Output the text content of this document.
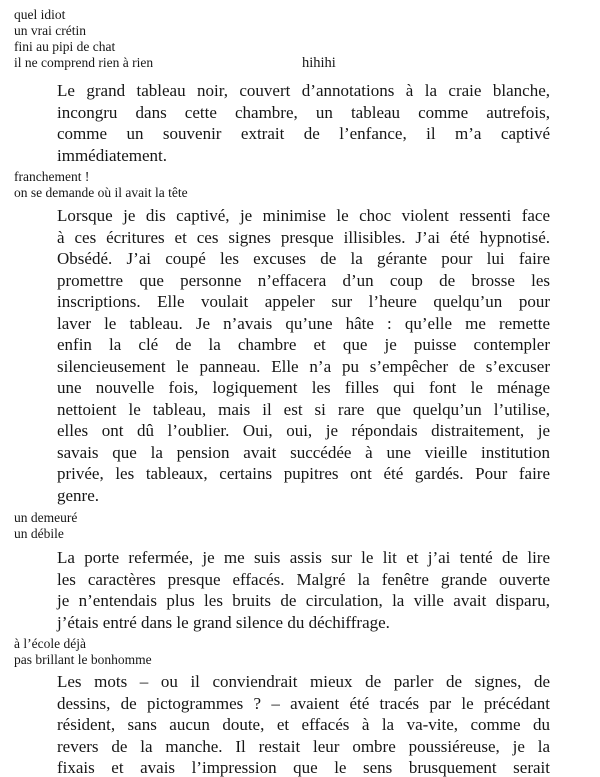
quel idiot
un vrai crétin
fini au pipi de chat
il ne comprend rien à rien	hihihi
Le grand tableau noir, couvert d’annotations à la craie blanche,
incongru dans cette chambre, un tableau comme autrefois,
comme un souvenir extrait de l’enfance, il m’a captivé
immédiatement.
franchement !
on se demande où il avait la tête
Lorsque je dis captivé, je minimise le choc violent ressenti face
à ces écritures et ces signes presque illisibles. J’ai été hypnotisé.
Obsédé. J’ai coupé les excuses de la gérante pour lui faire
promettre que personne n’effacera d’un coup de brosse les
inscriptions. Elle voulait appeler sur l’heure quelqu’un pour
laver le tableau. Je n’avais qu’une hâte : qu’elle me remette
enfin la clé de la chambre et que je puisse contempler
silencieusement le panneau. Elle n’a pu s’empêcher de s’excuser
une nouvelle fois, logiquement les filles qui font le ménage
nettoient le tableau, mais il est si rare que quelqu’un l’utilise,
elles ont dû l’oublier. Oui, oui, je répondais distraitement, je
savais que la pension avait succédée à une vieille institution
privée, les tableaux, certains pupitres ont été gardés. Pour faire
genre.
un demeuré
un débile
La porte refermée, je me suis assis sur le lit et j’ai tenté de lire
les caractères presque effacés. Malgré la fenêtre grande ouverte
je n’entendais plus les bruits de circulation, la ville avait disparu,
j’étais entré dans le grand silence du déchiffrage.
à l’école déjà
pas brillant le bonhomme
Les mots – ou il conviendrait mieux de parler de signes, de
dessins, de pictogrammes ? – avaient été tracés par le précédant
résident, sans aucun doute, et effacés à la va-vite, comme du
revers de la manche. Il restait leur ombre poussiéreuse, je la
fixais et avais l’impression que le sens brusquement serait
